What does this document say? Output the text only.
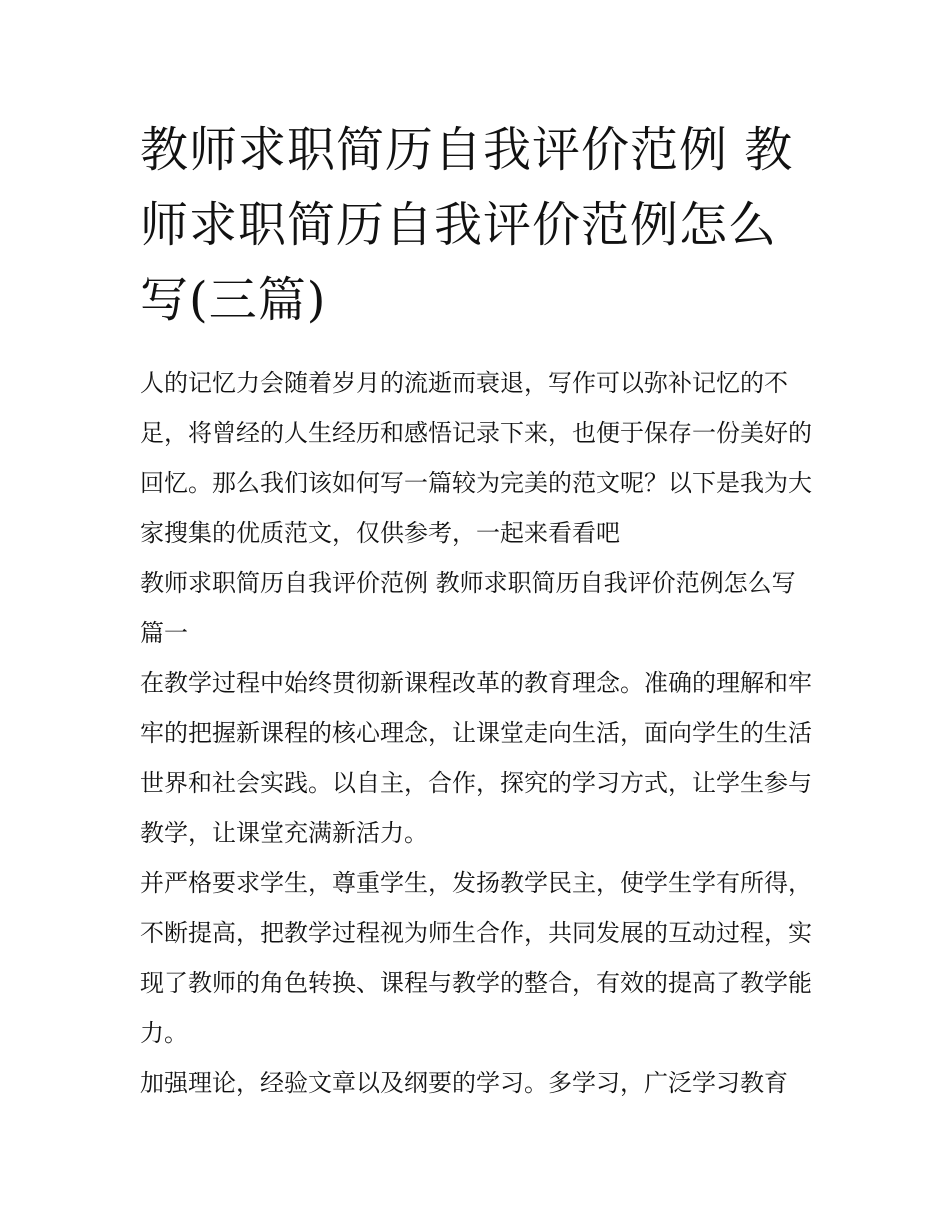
教师求职简历自我评价范例 教师求职简历自我评价范例怎么写(三篇)

人的记忆力会随着岁月的流逝而衰退，写作可以弥补记忆的不足，将曾经的人生经历和感悟记录下来，也便于保存一份美好的回忆。那么我们该如何写一篇较为完美的范文呢？以下是我为大家搜集的优质范文，仅供参考，一起来看看吧

教师求职简历自我评价范例 教师求职简历自我评价范例怎么写篇一

在教学过程中始终贯彻新课程改革的教育理念。准确的理解和牢牢的把握新课程的核心理念，让课堂走向生活，面向学生的生活世界和社会实践。以自主，合作，探究的学习方式，让学生参与教学，让课堂充满新活力。

并严格要求学生，尊重学生，发扬教学民主，使学生学有所得，不断提高，把教学过程视为师生合作，共同发展的互动过程，实现了教师的角色转换、课程与教学的整合，有效的提高了教学能力。

加强理论，经验文章以及纲要的学习。多学习，广泛学习教育
